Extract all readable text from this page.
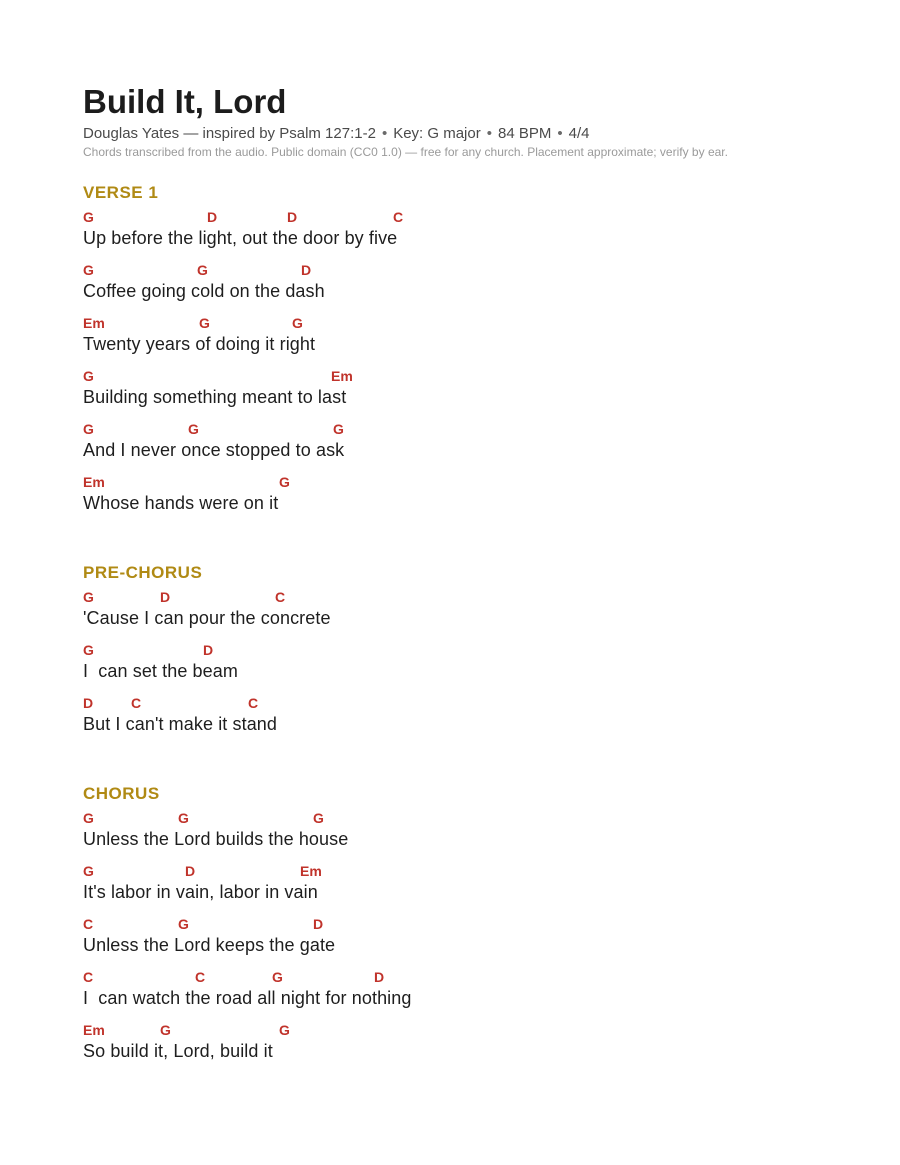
Build It, Lord
Douglas Yates — inspired by Psalm 127:1-2 • Key: G major • 84 BPM • 4/4
Chords transcribed from the audio. Public domain (CC0 1.0) — free for any church. Placement approximate; verify by ear.
VERSE 1
G	D	D	C
Up before the light, out the door by five
G	G	D
Coffee going cold on the dash
Em	G	G
Twenty years of doing it right
G	Em
Building something meant to last
G	G	G
And I never once stopped to ask
Em	G
Whose hands were on it
PRE-CHORUS
G	D	C
'Cause I can pour the concrete
G	D
I  can set the beam
D	C	C
But I can't make it stand
CHORUS
G	G	G
Unless the Lord builds the house
G	D	Em
It's labor in vain, labor in vain
C	G	D
Unless the Lord keeps the gate
C	C	G	D
I  can watch the road all night for nothing
Em	G	G
So build it, Lord, build it
